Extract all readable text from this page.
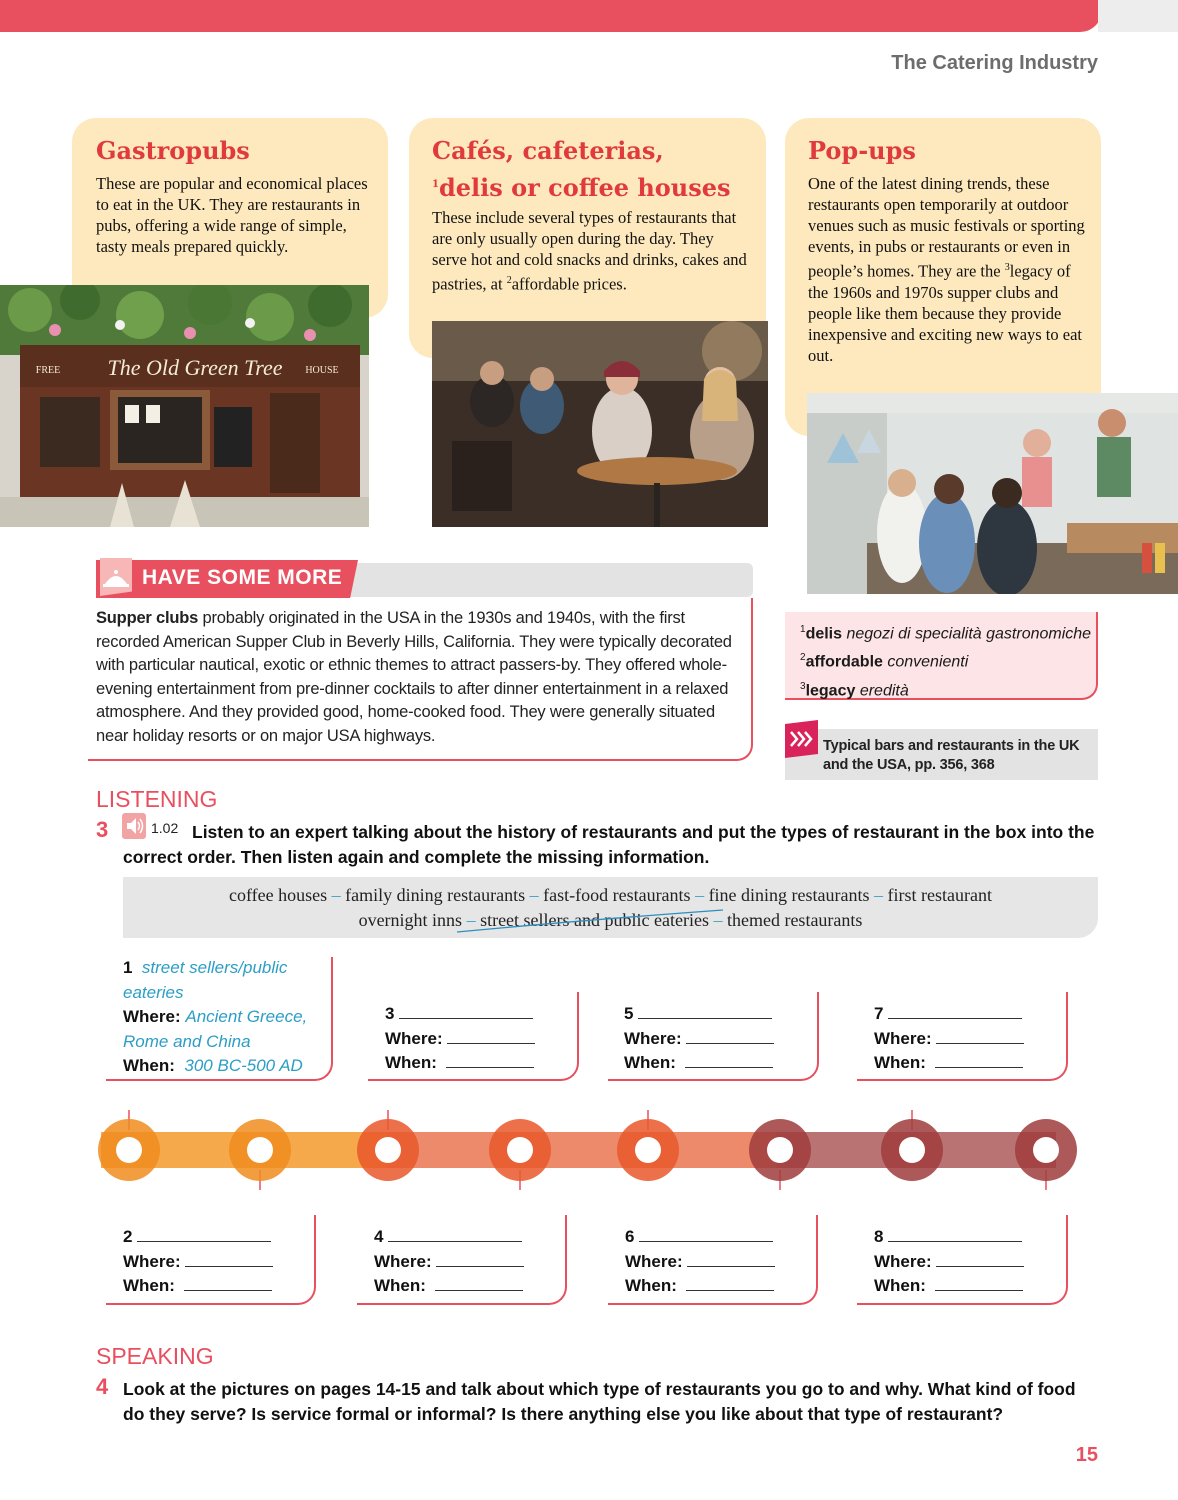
The Catering Industry
Gastropubs

These are popular and economical places to eat in the UK. They are restaurants in pubs, offering a wide range of simple, tasty meals prepared quickly.

Cafés, cafeterias,
$^1$delis or coffee houses

These include several types of restaurants that are only usually open during the day. They serve hot and cold snacks and drinks, cakes and pastries, at $^2$affordable prices.

Pop-ups

One of the latest dining trends, these restaurants open temporarily at outdoor venues such as music festivals or sporting events, in pubs or restaurants or even in people’s homes. They are the $^3$legacy of the 1960s and 1970s supper clubs and people like them because they provide inexpensive and exciting new ways to eat out.

The Old Green Tree
FREE	HOUSE
HAVE SOME MORE
Supper clubs probably originated in the USA in the 1930s and 1940s, with the first recorded American Supper Club in Beverly Hills, California. They were typically decorated with particular nautical, exotic or ethnic themes to attract passers-by. They offered whole-evening entertainment from pre-dinner cocktails to after dinner entertainment in a relaxed atmosphere. And they provided good, home-cooked food. They were generally situated near holiday resorts or on major USA highways.
$^1$delis negozi di specialità gastronomiche
$^2$affordable convenienti
$^3$legacy eredità
Typical bars and restaurants in the UK and the USA, pp. 356, 368
LISTENING
3	1.02 Listen to an expert talking about the history of restaurants and put the types of restaurant in the box into the correct order. Then listen again and complete the missing information.
coffee houses – family dining restaurants – fast-food restaurants – fine dining restaurants – first restaurant
overnight inns – street sellers and public eateries – themed restaurants
1 street sellers/public eateries
Where: Ancient Greece, Rome and China
When: 300 BC-500 AD
3
Where:
When:
5
Where:
When:
7
Where:
When:
2
Where:
When:
4
Where:
When:
6
Where:
When:
8
Where:
When:
SPEAKING
4 Look at the pictures on pages 14-15 and talk about which type of restaurants you go to and why. What kind of food do they serve? Is service formal or informal? Is there anything else you like about that type of restaurant?
15
